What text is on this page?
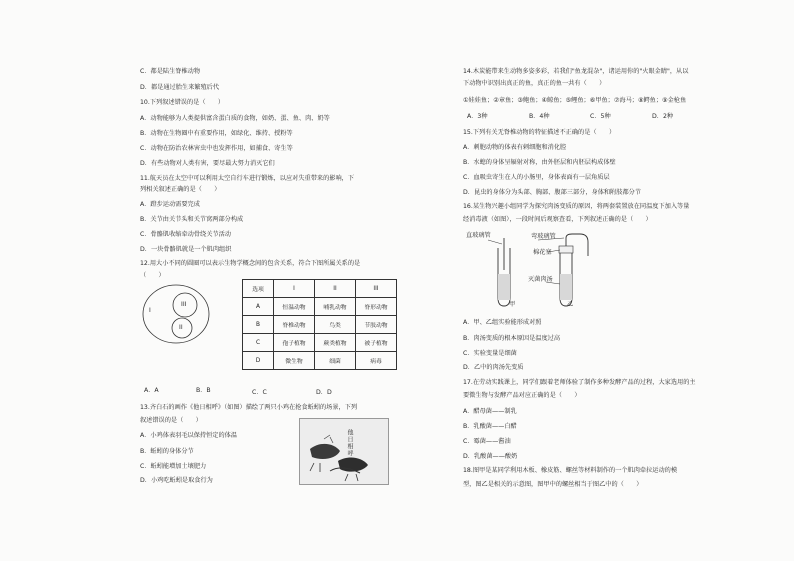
C．都是陆生脊椎动物
D．都是通过胎生来繁殖后代
10.下列叙述错误的是（　　）
A．动物能够为人类提供富含蛋白质的食物，如奶、蛋、鱼、肉、奶等
B．动物在生物圈中有重要作用，如绿化、维持、授粉等
C．动物在防治农林害虫中也发挥作用，如捕食、寄生等
D．有些动物对人类有害，要尽最大努力消灭它们
11.航天员在太空中可以利用太空自行车进行锻炼，以应对失重带来的影响，下
列相关叙述正确的是（　　）
A．蹬步运动需要完成
B．关节由关节头和关节窝两部分构成
C．骨骼肌收缩牵动骨绕关节活动
D．一块骨骼肌就是一个肌肉组织
12.用大小不同的圆圈可以表示生物学概念间的包含关系，符合下图所属关系的是
（　　）
I
III
II
选项	I	II	III
A	恒温动物	哺乳动物	脊形动物
B	脊椎动物	鸟类	节肢动物
C	孢子植物	蕨类植物	被子植物
D	微生物	细菌	病毒
A．A	B．B	C．C	D．D
13.齐白石的画作《他日相呼》（如图）描绘了两只小鸡在抢食蚯蚓的场景，下列
叙述错误的是（　　）
A．小鸡体表羽毛以保持恒定的体温
B．蚯蚓的身体分节
C．蚯蚓能增加土壤肥力
D．小鸡吃蚯蚓是取食行为
他日相呼
14.木炭能带来生动物多姿多彩，若我们"鱼龙混杂"，诸运用你的"火眼金睛"，从以
下动物中识别出真正的鱼，真正的鱼一共有（　　）
①娃娃鱼；②章鱼；③鲍鱼；④鲸鱼；⑤鲤鱼；⑥甲鱼；⑦海马；⑧鳄鱼；⑨金枪鱼
A．3种	B．4种	C．5种	D．2种
15.下列有关无脊椎动物的特征描述不正确的是（　　）
A．刺胞动物的体表有刺细胞和消化腔
B．水螅的身体呈辐射对称，由外胚层和内胚层构成体壁
C．血吸虫寄生在人的小肠里，身体表面有一层角质层
D．昆虫的身体分为头部、胸部、腹部三部分，身体和附肢都分节
16.某生物兴趣小组同学为探究肉汤变质的原因，将两套装置放在同温度下加入等量
经消毒液（如图），一段时间后观察查看，下列叙述正确的是（　　）
直玻璃管	弯玻璃管
棉花塞
灭菌肉汤
甲	乙
A．甲、乙组实验能形成对照
B．肉汤变质的根本原因是温度过高
C．实验变量是细菌
D．乙中的肉汤先变质
17.在劳动实践课上，同学们跟着老师体验了制作多种发酵产品的过程，大家选用的主
要微生物与发酵产品对应正确的是（　　）
A．醋母菌——制乳
B．乳酸菌——白醋
C．霉菌——酱油
D．乳酸菌——酸奶
18.图甲是某同学利用木板、橡皮筋、螺丝等材料制作的一个肌肉牵拉运动的模
型，图乙是相关的示意图，图甲中的螺丝相当于图乙中的（　　）
